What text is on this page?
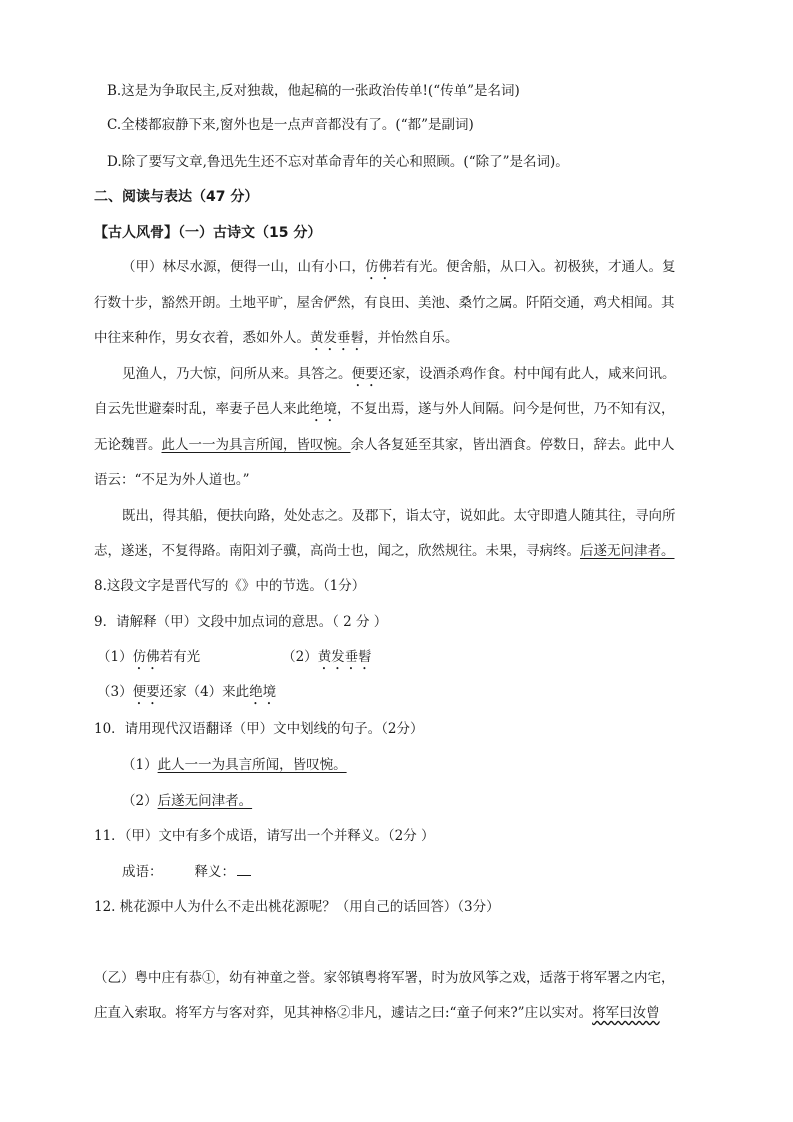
B.这是为争取民主,反对独裁，他起稿的一张政治传单!(“传单”是名词)
C.全楼都寂静下来,窗外也是一点声音都没有了。(“都”是副词)
D.除了要写文章,鲁迅先生还不忘对革命青年的关心和照顾。(“除了”是名词)。
二、阅读与表达（47 分）
【古人风骨】（一）古诗文（15 分）
（甲）林尽水源，便得一山，山有小口，仿佛若有光。便舍船，从口入。初极狭，才通人。复
行数十步，豁然开朗。土地平旷，屋舍俨然，有良田、美池、桑竹之属。阡陌交通，鸡犬相闻。其
中往来种作，男女衣着，悉如外人。黄发垂髫，并怡然自乐。
见渔人，乃大惊，问所从来。具答之。便要还家，设酒杀鸡作食。村中闻有此人，咸来问讯。
自云先世避秦时乱，率妻子邑人来此绝境，不复出焉，遂与外人间隔。问今是何世，乃不知有汉，
无论魏晋。此人一一为具言所闻，皆叹惋。余人各复延至其家，皆出酒食。停数日，辞去。此中人
语云：“不足为外人道也。”
既出，得其船，便扶向路，处处志之。及郡下，诣太守，说如此。太守即遣人随其往，寻向所
志，遂迷，不复得路。南阳刘子骥，高尚士也，闻之，欣然规往。未果，寻病终。后遂无问津者。
8.这段文字是晋代写的《》中的节选。（1分）
9．请解释（甲）文段中加点词的意思。（ 2 分 ）
（1）仿佛若有光	（2）黄发垂髫
（3）便要还家（4）来此绝境
10．请用现代汉语翻译（甲）文中划线的句子。（2分）
（1）此人一一为具言所闻，皆叹惋。
（2）后遂无问津者。
11．（甲）文中有多个成语，请写出一个并释义。（2分 ）
成语： 释义：
12. 桃花源中人为什么不走出桃花源呢？（用自己的话回答）（3分）
（乙）粤中庄有恭①，幼有神童之誉。家邻镇粤将军署，时为放风筝之戏，适落于将军署之内宅，
庄直入索取。将军方与客对弈，见其神格②非凡，遽诘之曰:“童子何来?”庄以实对。将军曰汝曾
